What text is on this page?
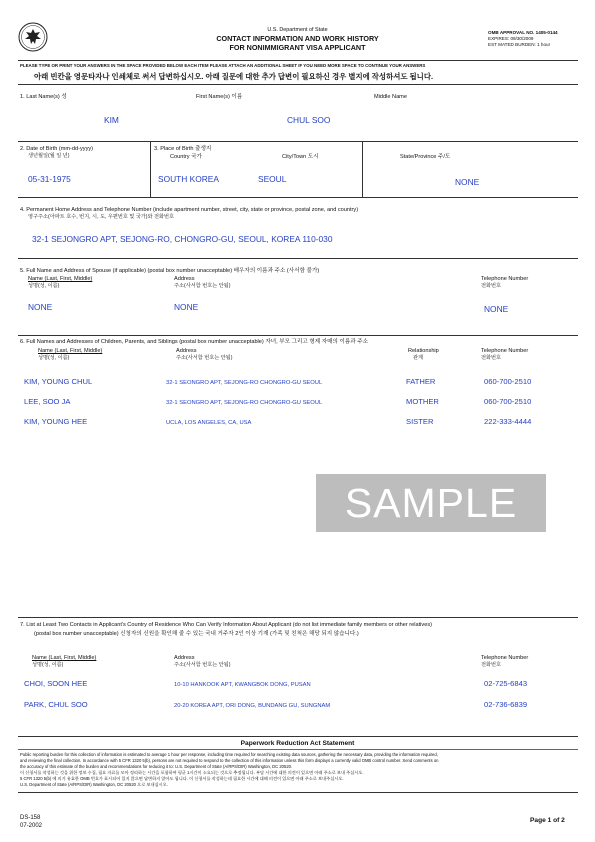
U.S. Department of State
CONTACT INFORMATION AND WORK HISTORY
FOR NONIMMIGRANT VISA APPLICANT
OMB APPROVAL NO. 1405-0144
EXPIRES: 09/30/2009
EST MATED BURDEN: 1 hour
PLEASE TYPE OR PRINT YOUR ANSWERS IN THE SPACE PROVIDED BELOW EACH ITEM PLEASE ATTACH AN ADDITIONAL SHEET IF YOU NEED MORE SPACE TO CONTINUE YOUR ANSWERS
아래 빈칸을 영문타자나 인쇄체로 써서 답변하십시오. 아래 질문에 대한 추가 답변이 필요하신 경우 별지에 작성하셔도 됩니다.
1. Last Name(s) 성	First Name(s) 이름	Middle Name
KIM	CHUL SOO
2. Date of Birth (mm-dd-yyyy)
생년월일(월 일 년)
3. Place of Birth 출생지
Country 국가	City/Town 도시	State/Province 주/도
05-31-1975	SOUTH KOREA	SEOUL	NONE
4. Permanent Home Address and Telephone Number (include apartment number, street, city, state or province, postal zone, and country)
영구주소(아파트 호수, 번지, 시, 도, 우편번호 및 국가)와 전화번호
32-1 SEJONGRO APT, SEJONG-RO, CHONGRO-GU, SEOUL, KOREA 110-030
5. Full Name and Address of Spouse (if applicable) (postal box number unacceptable) 배우자의 이름과 주소 (사서함 불가)
Name (Last, First, Middle)
성명(성, 이름)
Address
주소(사서함 번호는 안됨)
Telephone Number
전화번호
NONE	NONE	NONE
6. Full Names and Addresses of Children, Parents, and Siblings (postal box number unacceptable) 자녀, 부모 그리고 형제 자매의 이름과 주소
Name (Last, First, Middle)
성명(성, 이름)
Address
주소(사서함 번호는 안됨)
Relationship
관계
Telephone Number
전화번호
KIM, YOUNG CHUL	32-1 SEONGRO APT, SEJONG-RO CHONGRO-GU SEOUL	FATHER	060-700-2510
LEE, SOO JA	32-1 SEONGRO APT, SEJONG-RO CHONGRO-GU SEOUL	MOTHER	060-700-2510
KIM, YOUNG HEE	UCLA, LOS ANGELES, CA, USA	SISTER	222-333-4444
SAMPLE
7. List at Least Two Contacts in Applicant's Country of Residence Who Can Verify Information About Applicant (do not list immediate family members or other relatives)
(postal box number unacceptable) 신청자의 신원을 확인해 줄 수 있는 국내 거주자 2인 이상 기재 (가족 및 친척은 해당 되지 않습니다.)
Name (Last, First, Middle)
성명(성, 이름)
Address
주소(사서함 번호는 안됨)
Telephone Number
전화번호
CHOI, SOON HEE	10-10 HANKOOK APT, KWANGBOK DONG, PUSAN	02-725-6843
PARK, CHUL SOO	20-20 KOREA APT, ORI DONG, BUNDANG GU, SUNGNAM	02-736-6839
Paperwork Reduction Act Statement
Public reporting burden for this collection of information is estimated to average 1 hour per response, including time required for searching existing data sources, gathering the necessary data, providing the information required,
and reviewing the final collection. In accordance with 5 CFR 1320 5(b), persons are not required to respond to the collection of this information unless this form displays a currently valid OMB control number. Send comments on
the accuracy of this estimate of the burden and recommendations for reducing it to: U.S. Department of State (A/RPS/DIR) Washington, DC 20520.
이 신청서를 작성하는 것을 위한 정보 수집, 필요 자료를 모아 정리하는 시간을 포함하여 평균 1시간이 소요되는 것으로 추정됩니다. 부담 시간에 대한 의견이 있으면 아래 주소로 보내 주십시오.
5 CFR 1320 5(b) 에 의거 유효한 OMB 번호가 표시되어 있지 않으면 답변하지 않아도 됩니다. 이 신청서를 작성하는데 필요한 시간에 대해 의견이 있으면 아래 주소로 보내주십시오.
U.S. Department of State (A/RPS/DIR) Washington, DC 20520 으로 보내십시오.
DS-158
07-2002
Page 1 of 2
